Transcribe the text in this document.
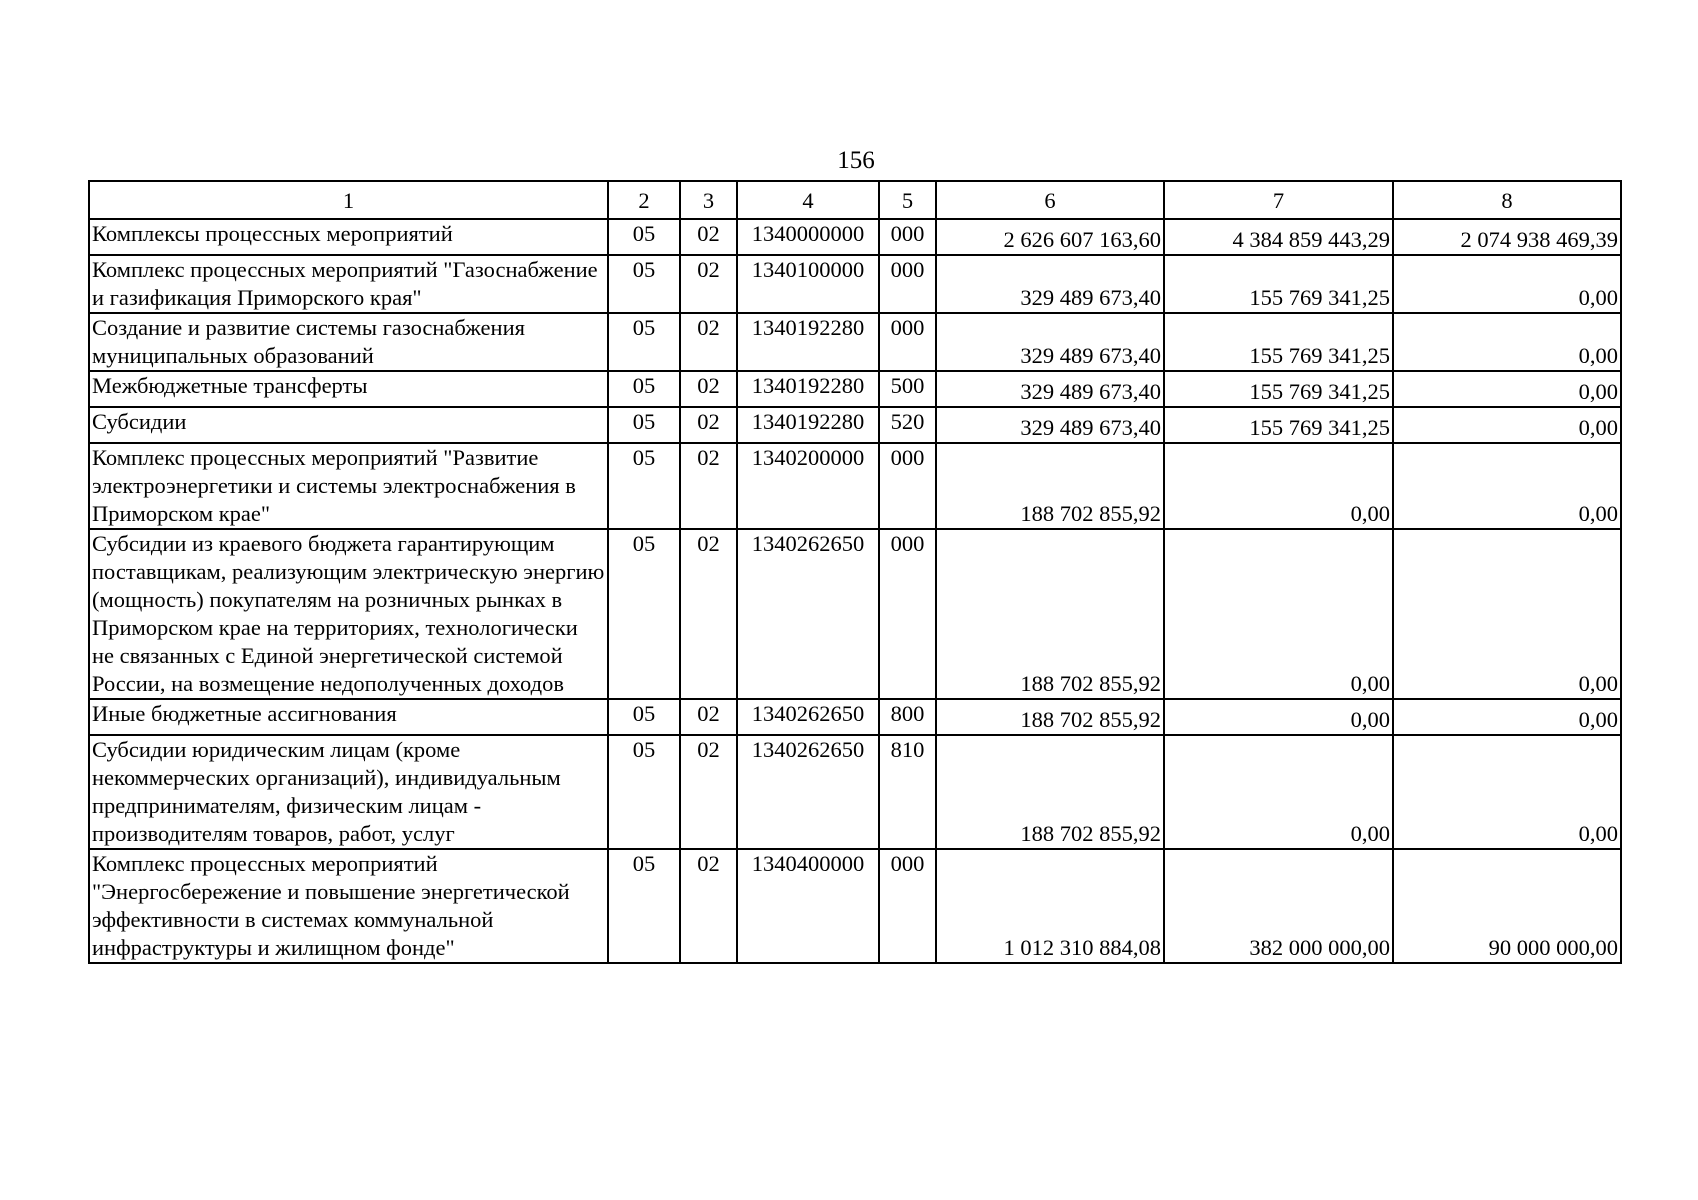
156
1	2	3	4	5	6	7	8
Комплексы процессных мероприятий	05	02	1340000000	000	2 626 607 163,60	4 384 859 443,29	2 074 938 469,39
Комплекс процессных мероприятий "Газоснабжение и газификация Приморского края"	05	02	1340100000	000	329 489 673,40	155 769 341,25	0,00
Создание и развитие системы газоснабжения муниципальных образований	05	02	1340192280	000	329 489 673,40	155 769 341,25	0,00
Межбюджетные трансферты	05	02	1340192280	500	329 489 673,40	155 769 341,25	0,00
Субсидии	05	02	1340192280	520	329 489 673,40	155 769 341,25	0,00
Комплекс процессных мероприятий "Развитие электроэнергетики и системы электроснабжения в Приморском крае"	05	02	1340200000	000	188 702 855,92	0,00	0,00
Субсидии из краевого бюджета гарантирующим поставщикам, реализующим электрическую энергию (мощность) покупателям на розничных рынках в Приморском крае на территориях, технологически не связанных с Единой энергетической системой России, на возмещение недополученных доходов	05	02	1340262650	000	188 702 855,92	0,00	0,00
Иные бюджетные ассигнования	05	02	1340262650	800	188 702 855,92	0,00	0,00
Субсидии юридическим лицам (кроме некоммерческих организаций), индивидуальным предпринимателям, физическим лицам - производителям товаров, работ, услуг	05	02	1340262650	810	188 702 855,92	0,00	0,00
Комплекс процессных мероприятий "Энергосбережение и повышение энергетической эффективности в системах коммунальной инфраструктуры и жилищном фонде"	05	02	1340400000	000	1 012 310 884,08	382 000 000,00	90 000 000,00
